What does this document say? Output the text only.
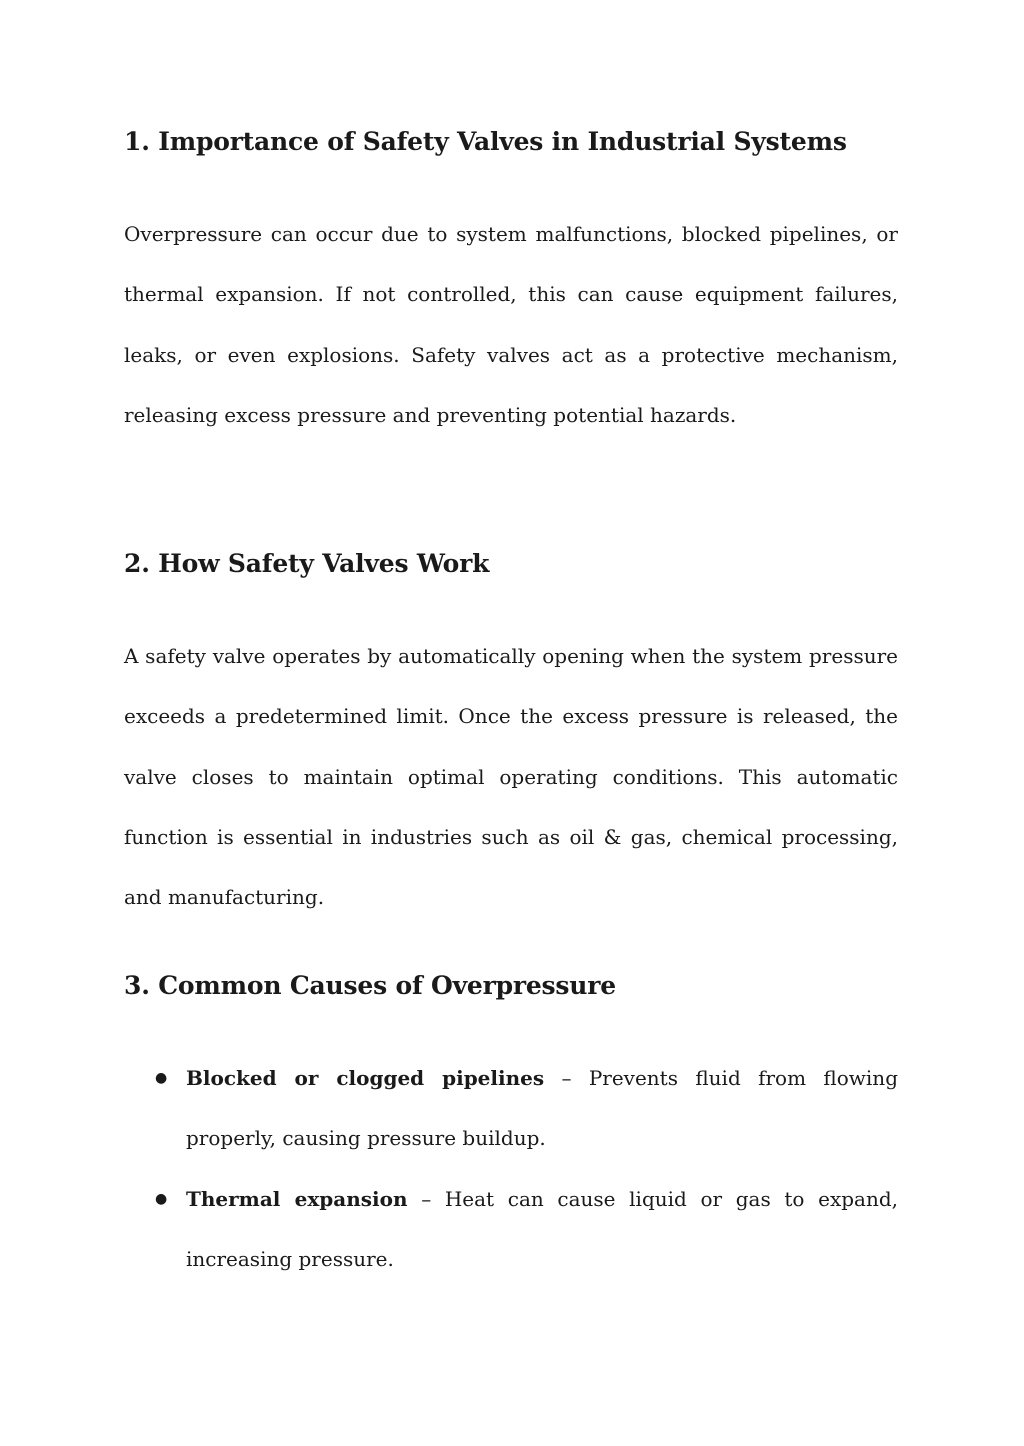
1. Importance of Safety Valves in Industrial Systems

Overpressure can occur due to system malfunctions, blocked pipelines, or thermal expansion. If not controlled, this can cause equipment failures, leaks, or even explosions. Safety valves act as a protective mechanism, releasing excess pressure and preventing potential hazards.

2. How Safety Valves Work

A safety valve operates by automatically opening when the system pressure exceeds a predetermined limit. Once the excess pressure is released, the valve closes to maintain optimal operating conditions. This automatic function is essential in industries such as oil & gas, chemical processing, and manufacturing.

3. Common Causes of Overpressure
● Blocked or clogged pipelines – Prevents fluid from flowing properly, causing pressure buildup.
● Thermal expansion – Heat can cause liquid or gas to expand, increasing pressure.
